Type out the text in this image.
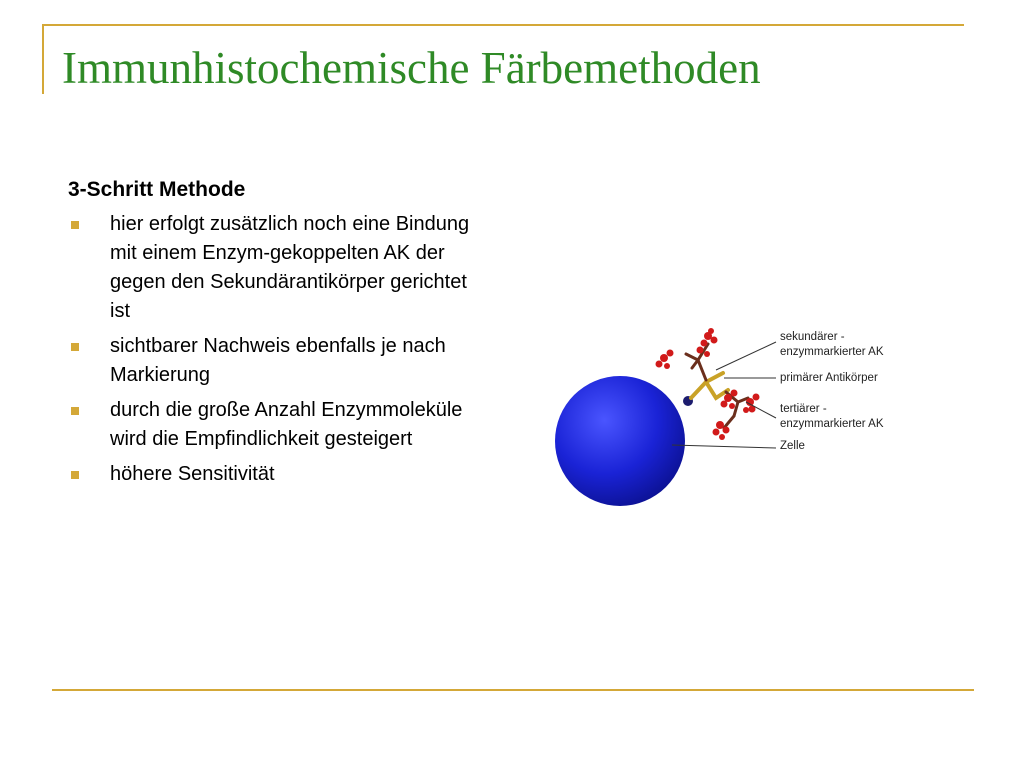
Immunhistochemische Färbemethoden
3-Schritt Methode
hier erfolgt zusätzlich noch eine Bindung mit einem Enzym-gekoppelten AK der gegen den Sekundärantikörper gerichtet ist
sichtbarer Nachweis ebenfalls je nach Markierung
durch die große Anzahl Enzymmoleküle wird die Empfindlichkeit gesteigert
höhere Sensitivität
sekundärer -
enzymmarkierter AK
primärer Antikörper
tertiärer -
enzymmarkierter AK
Zelle
